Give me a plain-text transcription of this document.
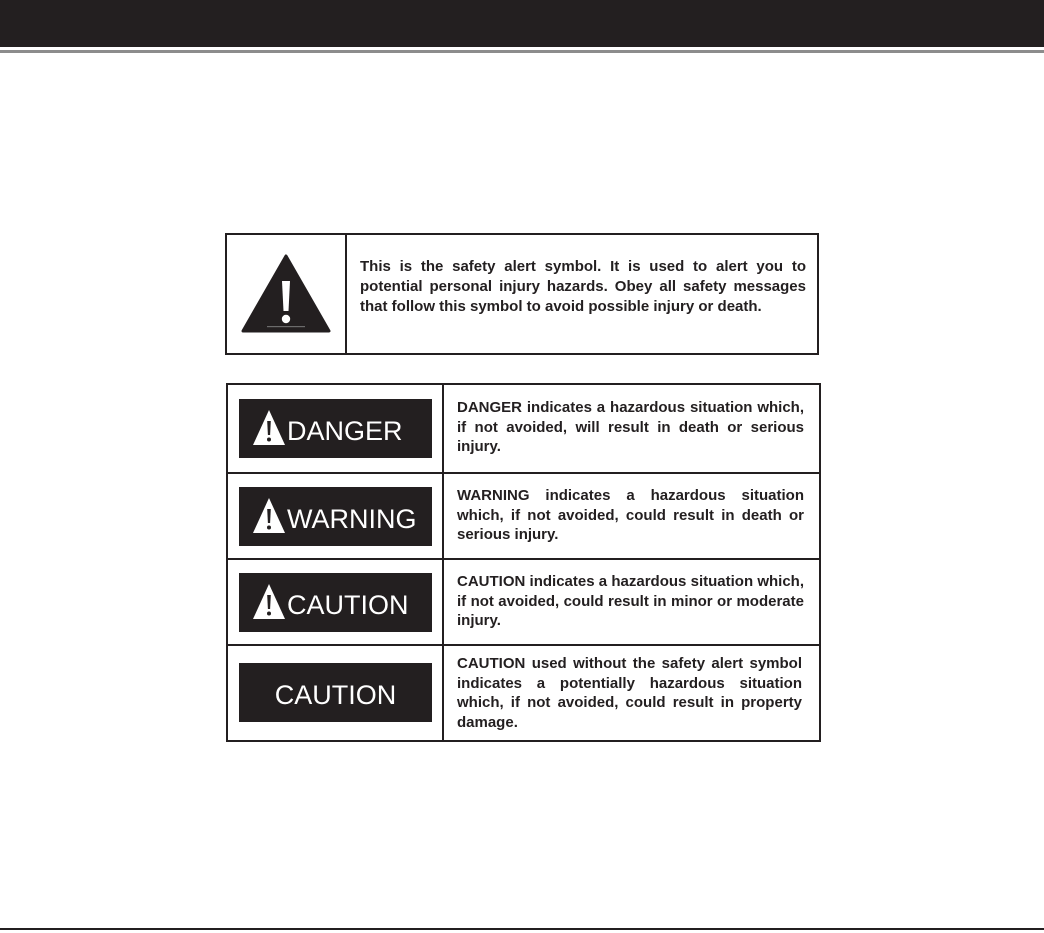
This is the safety alert symbol. It is used to alert you to potential personal injury hazards. Obey all safety messages that follow this symbol to avoid possible injury or death.

DANGER

DANGER indicates a hazardous situation which, if not avoided, will result in death or serious injury.

WARNING

WARNING indicates a hazardous situation which, if not avoided, could result in death or serious injury.

CAUTION

CAUTION indicates a hazardous situation which, if not avoided, could result in minor or moderate injury.

CAUTION

CAUTION used without the safety alert symbol indicates a potentially hazardous situation which, if not avoided, could result in property damage.
